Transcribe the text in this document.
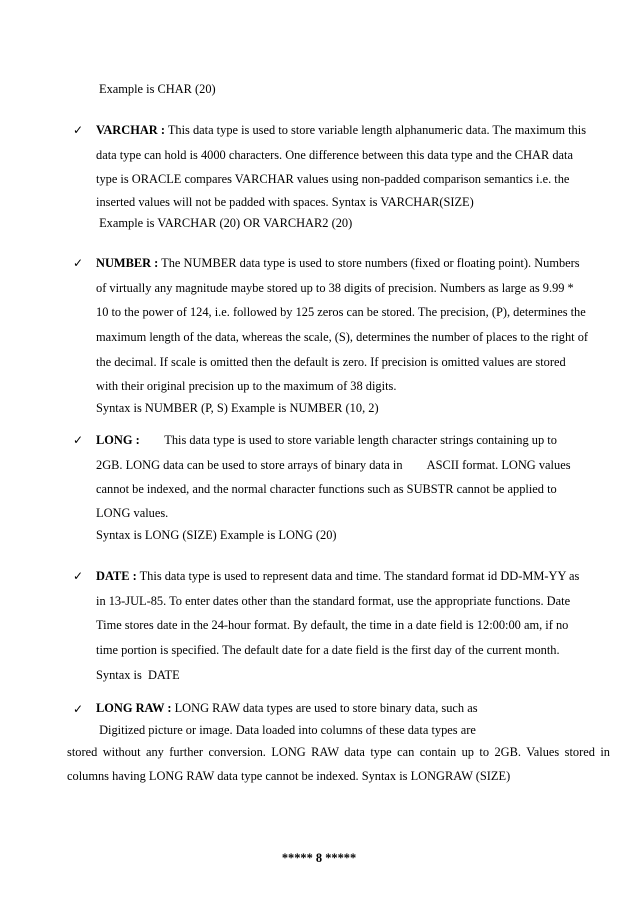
Example is CHAR (20)
✓	VARCHAR : This data type is used to store variable length alphanumeric data. The maximum this

data type can hold is 4000 characters. One difference between this data type and the CHAR data

type is ORACLE compares VARCHAR values using non-padded comparison semantics i.e. the

inserted values will not be padded with spaces. Syntax is VARCHAR(SIZE)

Example is VARCHAR (20) OR VARCHAR2 (20)

✓	NUMBER : The NUMBER data type is used to store numbers (fixed or floating point). Numbers

of virtually any magnitude maybe stored up to 38 digits of precision. Numbers as large as 9.99 *

10 to the power of 124, i.e. followed by 125 zeros can be stored. The precision, (P), determines the

maximum length of the data, whereas the scale, (S), determines the number of places to the right of

the decimal. If scale is omitted then the default is zero. If precision is omitted values are stored

with their original precision up to the maximum of 38 digits.

Syntax is NUMBER (P, S) Example is NUMBER (10, 2)

✓	LONG : This data type is used to store variable length character strings containing up to

2GB. LONG data can be used to store arrays of binary data in        ASCII format. LONG values

cannot be indexed, and the normal character functions such as SUBSTR cannot be applied to

LONG values.

Syntax is LONG (SIZE) Example is LONG (20)

✓	DATE : This data type is used to represent data and time. The standard format id DD-MM-YY as

in 13-JUL-85. To enter dates other than the standard format, use the appropriate functions. Date

Time stores date in the 24-hour format. By default, the time in a date field is 12:00:00 am, if no

time portion is specified. The default date for a date field is the first day of the current month.

Syntax is  DATE

✓	LONG RAW : LONG RAW data types are used to store binary data, such as

Digitized picture or image. Data loaded into columns of these data types are

stored without any further conversion. LONG RAW data type can contain up to 2GB. Values stored in

columns having LONG RAW data type cannot be indexed. Syntax is LONGRAW (SIZE)

***** 8 *****
